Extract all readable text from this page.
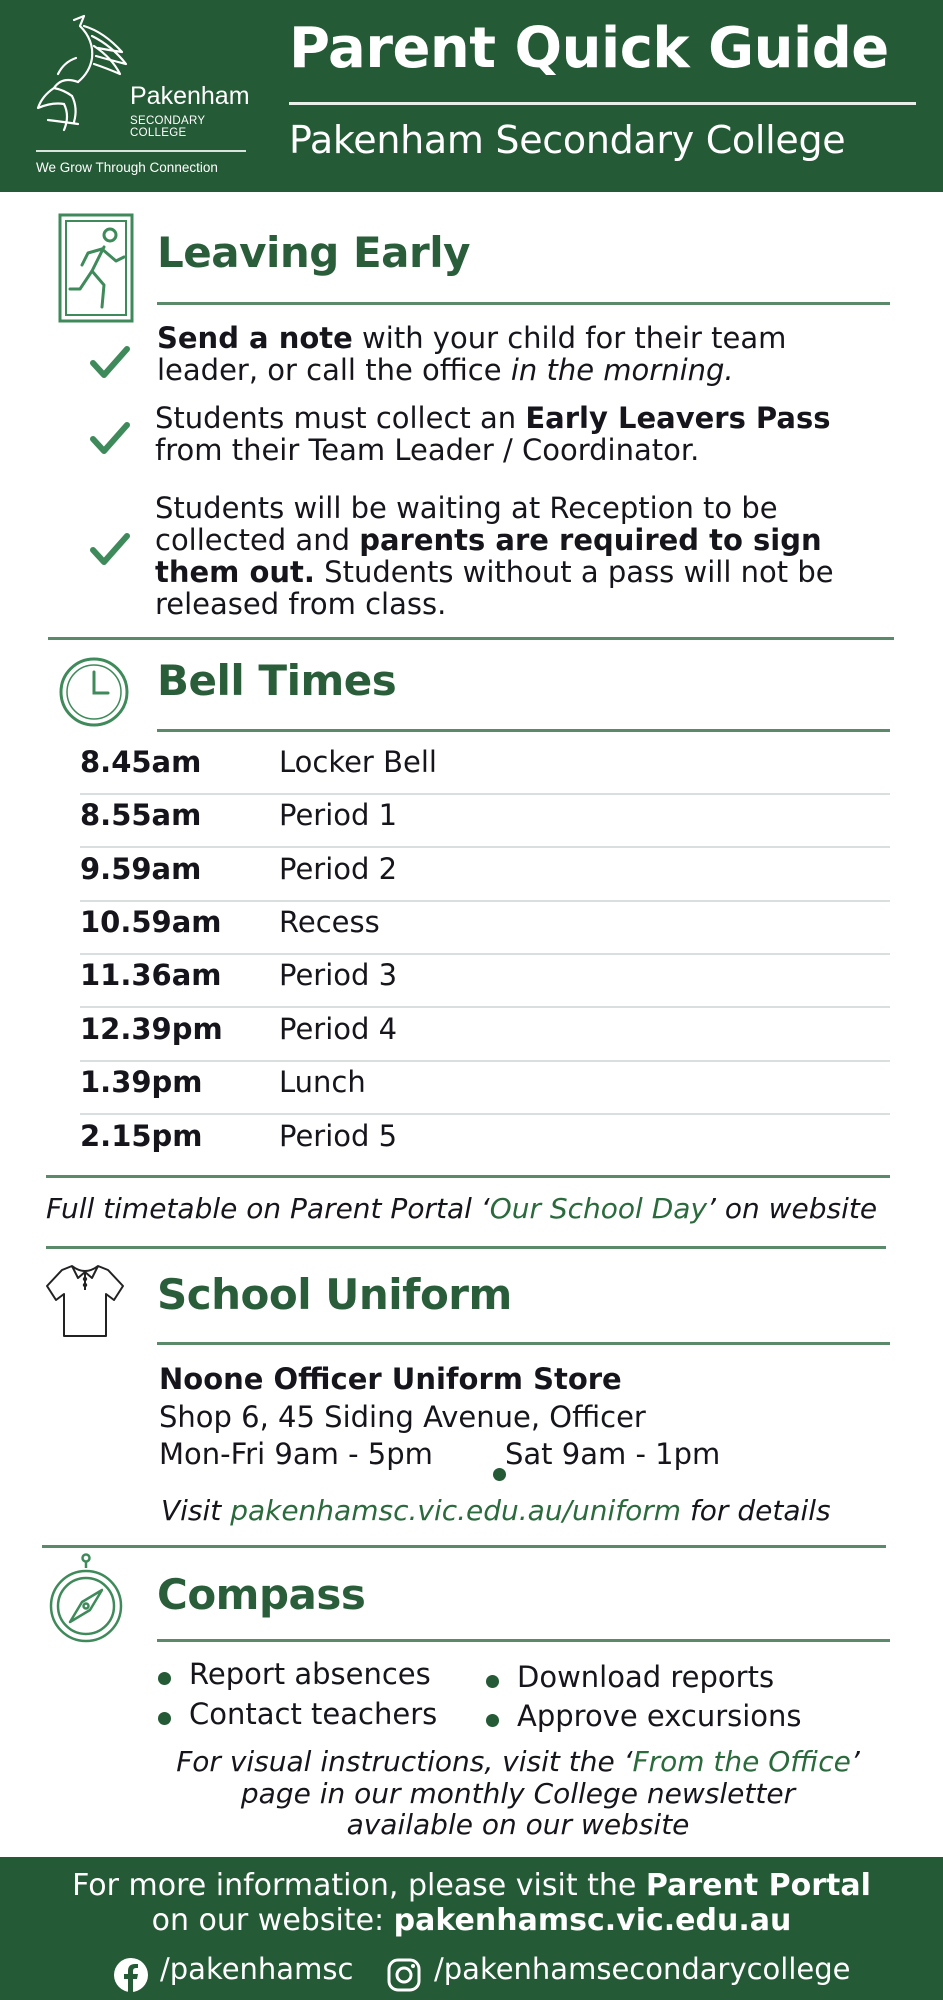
Pakenham
SECONDARY COLLEGE
We Grow Through Connection
Parent Quick Guide
Pakenham Secondary College
Leaving Early
Send a note with your child for their team leader, or call the office in the morning.
Students must collect an Early Leavers Pass from their Team Leader / Coordinator.
Students will be waiting at Reception to be collected and parents are required to sign them out. Students without a pass will not be released from class.
Bell Times
8.45am	Locker Bell
8.55am	Period 1
9.59am	Period 2
10.59am Recess
11.36am Period 3
12.39pm Period 4
1.39pm	Lunch
2.15pm	Period 5
Full timetable on Parent Portal ‘Our School Day’ on website
School Uniform
Noone Officer Uniform Store
Shop 6, 45 Siding Avenue, Officer
Mon-Fri 9am - 5pm Sat 9am - 1pm
Visit pakenhamsc.vic.edu.au/uniform for details
Compass
Report absences
Contact teachers
Download reports
Approve excursions
For visual instructions, visit the ‘From the Office’
page in our monthly College newsletter
available on our website
For more information, please visit the Parent Portal
on our website: pakenhamsc.vic.edu.au
/pakenhamsc	/pakenhamsecondarycollege
